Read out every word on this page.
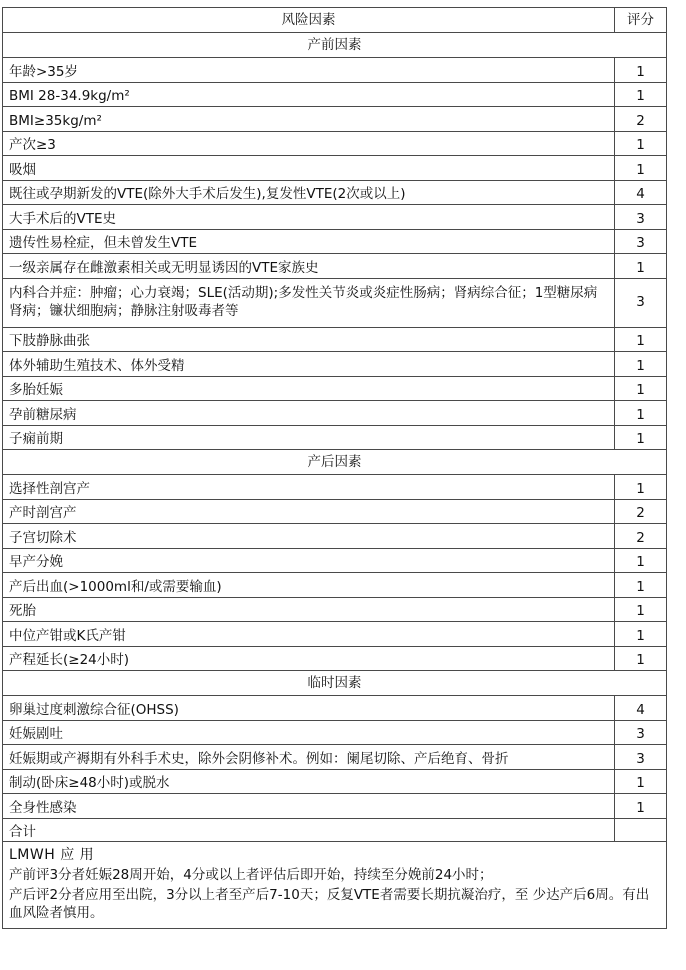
风险因素	评分
产前因素	
年龄>35岁	1
BMI 28-34.9kg/m²	1
BMI≥35kg/m²	2
产次≥3	1
吸烟	1
既往或孕期新发的VTE(除外大手术后发生),复发性VTE(2次或以上)	4
大手术后的VTE史	3
遗传性易栓症，但未曾发生VTE	3
一级亲属存在雌激素相关或无明显诱因的VTE家族史	1
内科合并症：肿瘤；心力衰竭；SLE(活动期);多发性关节炎或炎症性肠病；肾病综合征；1型糖尿病肾病；镰状细胞病；静脉注射吸毒者等	3
下肢静脉曲张	1
体外辅助生殖技术、体外受精	1
多胎妊娠	1
孕前糖尿病	1
子痫前期	1
产后因素	
选择性剖宫产	1
产时剖宫产	2
子宫切除术	2
早产分娩	1
产后出血(>1000ml和/或需要输血)	1
死胎	1
中位产钳或K氏产钳	1
产程延长(≥24小时)	1
临时因素	
卵巢过度刺激综合征(OHSS)	4
妊娠剧吐	3
妊娠期或产褥期有外科手术史，除外会阴修补术。例如：阑尾切除、产后绝育、骨折	3
制动(卧床≥48小时)或脱水	1
全身性感染	1
合计	

LMWH 应 用
产前评3分者妊娠28周开始，4分或以上者评估后即开始，持续至分娩前24小时；
产后评2分者应用至出院，3分以上者至产后7-10天；反复VTE者需要长期抗凝治疗，至 少达产后6周。有出血风险者慎用。	
